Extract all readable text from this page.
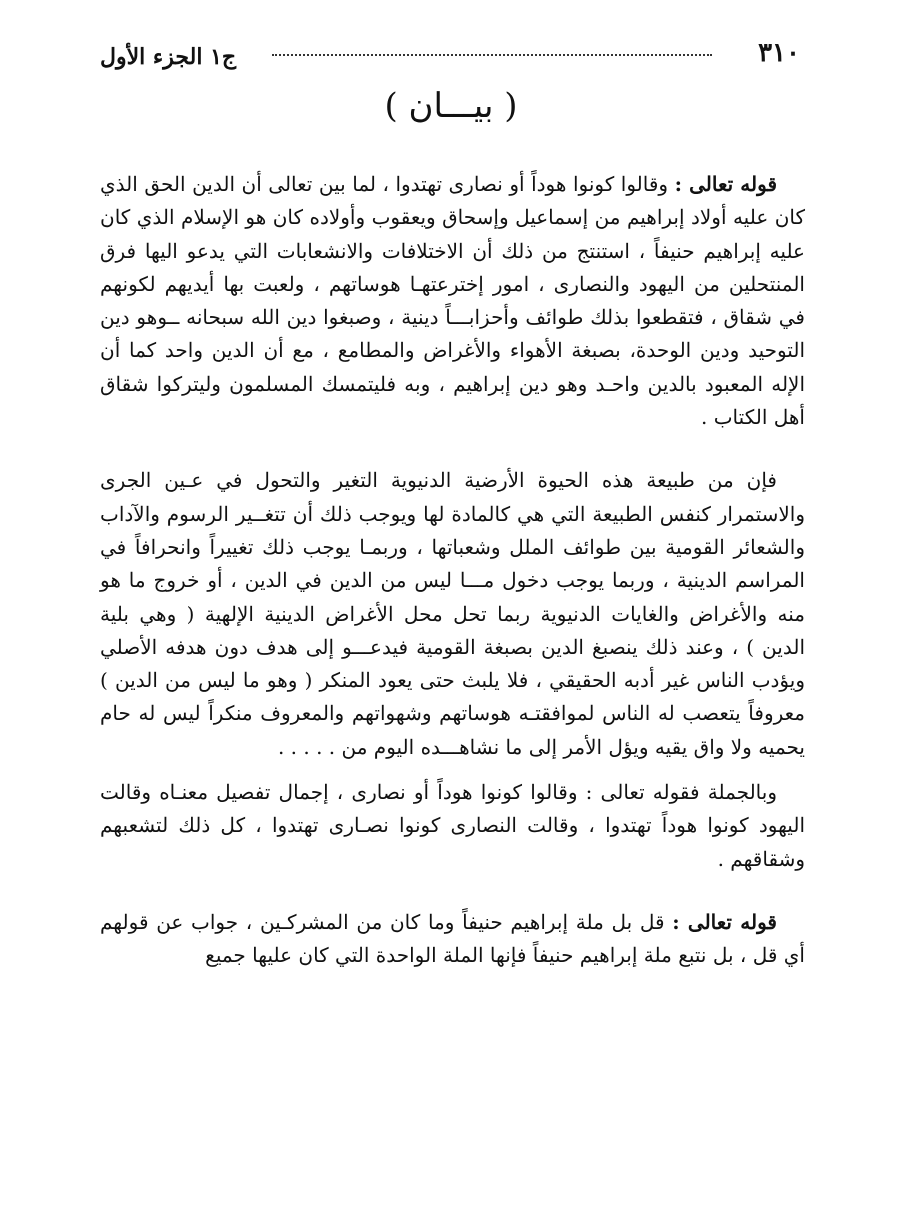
ج١ الجزء الأول	٣١٠
( بيـــان )

قوله تعالى : وقالوا كونوا هوداً أو نصارى تهتدوا ، لما بين تعالى أن الدين الحق الذي كان عليه أولاد إبراهيم من إسماعيل وإسحاق ويعقوب وأولاده كان هو الإسلام الذي كان عليه إبراهيم حنيفاً ، استنتج من ذلك أن الاختلافات والانشعابات التي يدعو اليها فرق المنتحلين من اليهود والنصارى ، امور إخترعتهـا هوساتهم ، ولعبت بها أيديهم لكونهم في شقاق ، فتقطعوا بذلك طوائف وأحزابـــاً دينية ، وصبغوا دين الله سبحانه ــوهو دين التوحيد ودين الوحدة، بصبغة الأهواء والأغراض والمطامع ، مع أن الدين واحد كما أن الإله المعبود بالدين واحـد وهو دين إبراهيم ، وبه فليتمسك المسلمون وليتركوا شقاق أهل الكتاب .

فإن من طبيعة هذه الحيوة الأرضية الدنيوية التغير والتحول في عـين الجرى والاستمرار كنفس الطبيعة التي هي كالمادة لها ويوجب ذلك أن تتغــير الرسوم والآداب والشعائر القومية بين طوائف الملل وشعباتها ، وربمـا يوجب ذلك تغييراً وانحرافاً في المراسم الدينية ، وربما يوجب دخول مـــا ليس من الدين في الدين ، أو خروج ما هو منه والأغراض والغايات الدنيوية ربما تحل محل الأغراض الدينية الإلهية ( وهي بلية الدين ) ، وعند ذلك ينصبغ الدين بصبغة القومية فيدعـــو إلى هدف دون هدفه الأصلي ويؤدب الناس غير أدبه الحقيقي ، فلا يلبث حتى يعود المنكر ( وهو ما ليس من الدين ) معروفاً يتعصب له الناس لموافقتـه هوساتهم وشهواتهم والمعروف منكراً ليس له حام يحميه ولا واق يقيه ويؤل الأمر إلى ما نشاهـــده اليوم من . . . . .

وبالجملة فقوله تعالى : وقالوا كونوا هوداً أو نصارى ، إجمال تفصيل معنـاه وقالت اليهود كونوا هوداً تهتدوا ، وقالت النصارى كونوا نصـارى تهتدوا ، كل ذلك لتشعبهم وشقاقهم .

قوله تعالى : قل بل ملة إبراهيم حنيفاً وما كان من المشركـين ، جواب عن قولهم أي قل ، بل نتبع ملة إبراهيم حنيفاً فإنها الملة الواحدة التي كان عليها جميع
